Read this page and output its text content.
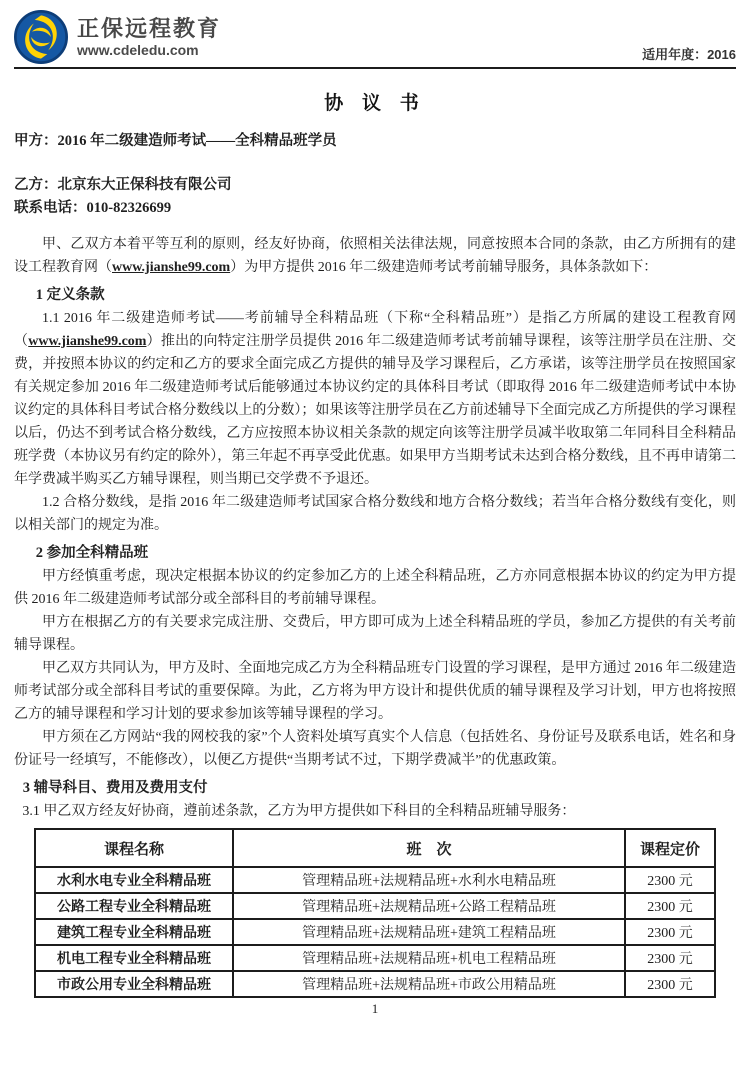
正保远程教育
www.cdeledu.com	适用年度：2016
协 议 书

甲方：2016 年二级建造师考试——全科精品班学员

乙方：北京东大正保科技有限公司

联系电话：010-82326699

甲、乙双方本着平等互利的原则，经友好协商，依照相关法律法规，同意按照本合同的条款，由乙方所拥有的建设工程教育网（www.jianshe99.com）为甲方提供 2016 年二级建造师考试考前辅导服务，具体条款如下：

1 定义条款

1.1 2016 年二级建造师考试——考前辅导全科精品班（下称“全科精品班”）是指乙方所属的建设工程教育网（www.jianshe99.com）推出的向特定注册学员提供 2016 年二级建造师考试考前辅导课程，该等注册学员在注册、交费，并按照本协议的约定和乙方的要求全面完成乙方提供的辅导及学习课程后，乙方承诺，该等注册学员在按照国家有关规定参加 2016 年二级建造师考试后能够通过本协议约定的具体科目考试（即取得 2016 年二级建造师考试中本协议约定的具体科目考试合格分数线以上的分数）；如果该等注册学员在乙方前述辅导下全面完成乙方所提供的学习课程以后，仍达不到考试合格分数线，乙方应按照本协议相关条款的规定向该等注册学员减半收取第二年同科目全科精品班学费（本协议另有约定的除外），第三年起不再享受此优惠。如果甲方当期考试未达到合格分数线，且不再申请第二年学费减半购买乙方辅导课程，则当期已交学费不予退还。

1.2 合格分数线，是指 2016 年二级建造师考试国家合格分数线和地方合格分数线；若当年合格分数线有变化，则以相关部门的规定为准。

2 参加全科精品班

甲方经慎重考虑，现决定根据本协议的约定参加乙方的上述全科精品班，乙方亦同意根据本协议的约定为甲方提供 2016 年二级建造师考试部分或全部科目的考前辅导课程。

甲方在根据乙方的有关要求完成注册、交费后，甲方即可成为上述全科精品班的学员，参加乙方提供的有关考前辅导课程。

甲乙双方共同认为，甲方及时、全面地完成乙方为全科精品班专门设置的学习课程，是甲方通过 2016 年二级建造师考试部分或全部科目考试的重要保障。为此，乙方将为甲方设计和提供优质的辅导课程及学习计划，甲方也将按照乙方的辅导课程和学习计划的要求参加该等辅导课程的学习。

甲方须在乙方网站“我的网校我的家”个人资料处填写真实个人信息（包括姓名、身份证号及联系电话，姓名和身份证号一经填写，不能修改），以便乙方提供“当期考试不过，下期学费减半”的优惠政策。

3 辅导科目、费用及费用支付

3.1 甲乙双方经友好协商，遵前述条款，乙方为甲方提供如下科目的全科精品班辅导服务：

课程名称	班　次	课程定价
水利水电专业全科精品班	管理精品班+法规精品班+水利水电精品班	2300 元
公路工程专业全科精品班	管理精品班+法规精品班+公路工程精品班	2300 元
建筑工程专业全科精品班	管理精品班+法规精品班+建筑工程精品班	2300 元
机电工程专业全科精品班	管理精品班+法规精品班+机电工程精品班	2300 元
市政公用专业全科精品班	管理精品班+法规精品班+市政公用精品班	2300 元
1
